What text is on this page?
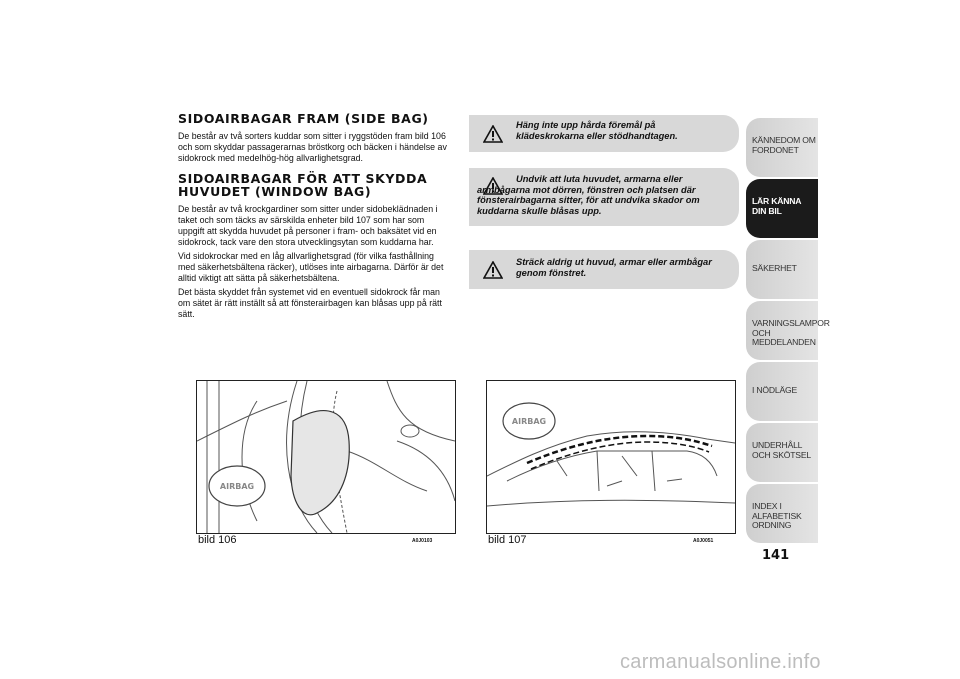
SIDOAIRBAGAR FRAM (SIDE BAG)

De består av två sorters kuddar som sitter i ryggstöden fram bild 106 och som skyddar passagerarnas bröstkorg och bäcken i händelse av sidokrock med medelhög-hög allvarlighetsgrad.

SIDOAIRBAGAR FÖR ATT SKYDDA
HUVUDET (WINDOW BAG)

De består av två krockgardiner som sitter under sidobeklädnaden i taket och som täcks av särskilda enheter bild 107 som har som uppgift att skydda huvudet på personer i fram- och baksätet vid en sidokrock, tack vare den stora utvecklingsytan som kuddarna har.

Vid sidokrockar med en låg allvarlighetsgrad (för vilka fasthållning med säkerhetsbältena räcker), utlöses inte airbagarna. Därför är det alltid viktigt att sätta på säkerhetsbältena.

Det bästa skyddet från systemet vid en eventuell sidokrock får man om sätet är rätt inställt så att fönsterairbagen kan blåsas upp på rätt sätt.

Häng inte upp hårda föremål på klädeskrokarna eller stödhandtagen.
Undvik att luta huvudet, armarna eller armbågarna mot dörren, fönstren och platsen där fönsterairbagarna sitter, för att undvika skador om kuddarna skulle blåsas upp.
Sträck aldrig ut huvud, armar eller armbågar genom fönstret.
AIRBAG
bild 106	A0J0103
AIRBAG
bild 107	A0J0051
KÄNNEDOM OM FORDONET
LÄR KÄNNA DIN BIL
SÄKERHET
VARNINGSLAMPOR OCH MEDDELANDEN
I NÖDLÄGE
UNDERHÅLL OCH SKÖTSEL
INDEX I ALFABETISK ORDNING
141
carmanualsonline.info
